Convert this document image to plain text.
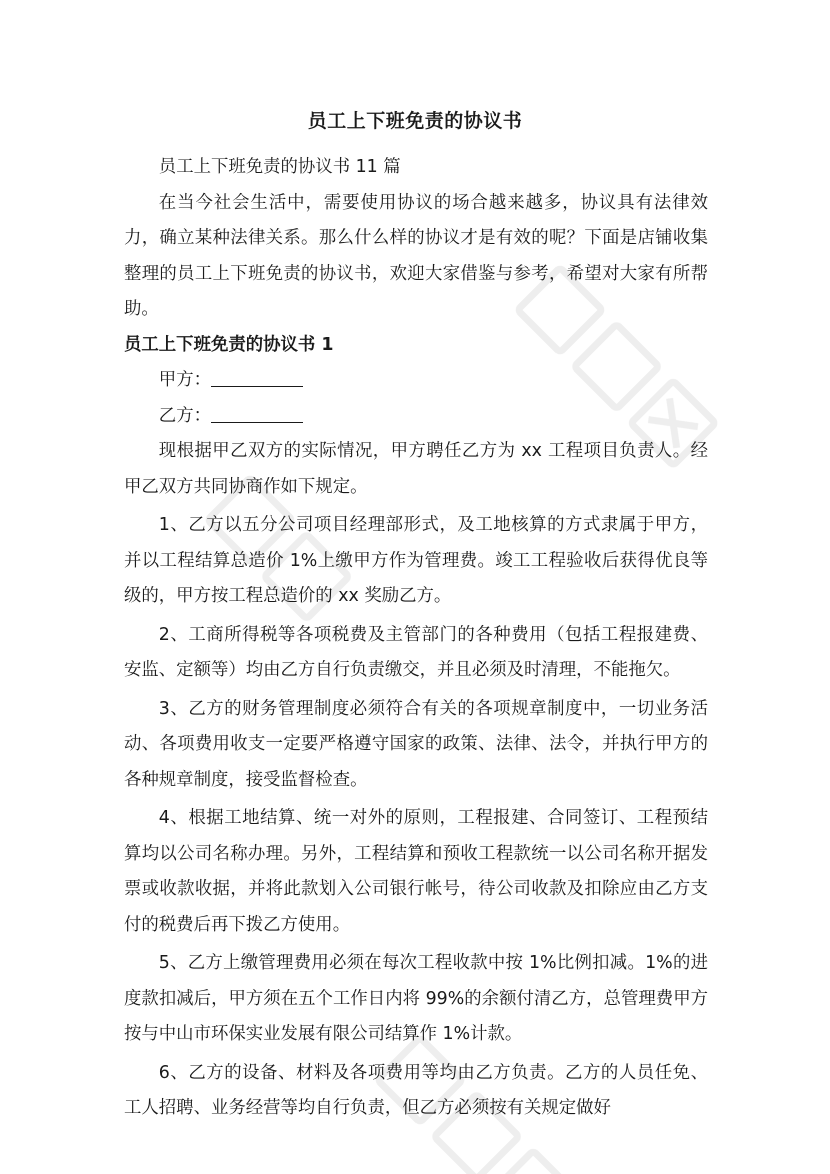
员工上下班免责的协议书

员工上下班免责的协议书 11 篇

在当今社会生活中，需要使用协议的场合越来越多，协议具有法律效力，确立某种法律关系。那么什么样的协议才是有效的呢？下面是店铺收集整理的员工上下班免责的协议书，欢迎大家借鉴与参考，希望对大家有所帮助。

员工上下班免责的协议书 1

甲方：

乙方：

现根据甲乙双方的实际情况，甲方聘任乙方为 xx 工程项目负责人。经甲乙双方共同协商作如下规定。

1、乙方以五分公司项目经理部形式，及工地核算的方式隶属于甲方，并以工程结算总造价 1%上缴甲方作为管理费。竣工工程验收后获得优良等级的，甲方按工程总造价的 xx 奖励乙方。

2、工商所得税等各项税费及主管部门的各种费用（包括工程报建费、安监、定额等）均由乙方自行负责缴交，并且必须及时清理，不能拖欠。

3、乙方的财务管理制度必须符合有关的各项规章制度中，一切业务活动、各项费用收支一定要严格遵守国家的政策、法律、法令，并执行甲方的各种规章制度，接受监督检查。

4、根据工地结算、统一对外的原则，工程报建、合同签订、工程预结算均以公司名称办理。另外，工程结算和预收工程款统一以公司名称开据发票或收款收据，并将此款划入公司银行帐号，待公司收款及扣除应由乙方支付的税费后再下拨乙方使用。

5、乙方上缴管理费用必须在每次工程收款中按 1%比例扣减。1%的进度款扣减后，甲方须在五个工作日内将 99%的余额付清乙方，总管理费甲方按与中山市环保实业发展有限公司结算作 1%计款。

6、乙方的设备、材料及各项费用等均由乙方负责。乙方的人员任免、工人招聘、业务经营等均自行负责，但乙方必须按有关规定做好
